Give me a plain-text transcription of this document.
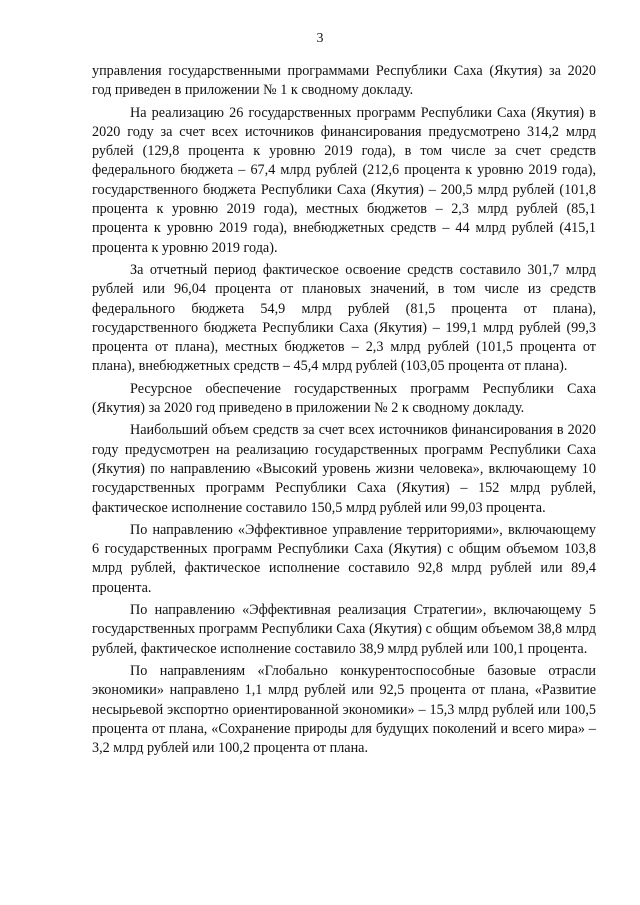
3

управления государственными программами Республики Саха (Якутия) за 2020 год приведен в приложении № 1 к сводному докладу.

На реализацию 26 государственных программ Республики Саха (Якутия) в 2020 году за счет всех источников финансирования предусмотрено 314,2 млрд рублей (129,8 процента к уровню 2019 года), в том числе за счет средств федерального бюджета – 67,4 млрд рублей (212,6 процента к уровню 2019 года), государственного бюджета Республики Саха (Якутия) – 200,5 млрд рублей (101,8 процента к уровню 2019 года), местных бюджетов – 2,3 млрд рублей (85,1 процента к уровню 2019 года), внебюджетных средств – 44 млрд рублей (415,1 процента к уровню 2019 года).

За отчетный период фактическое освоение средств составило 301,7 млрд рублей или 96,04 процента от плановых значений, в том числе из средств федерального бюджета 54,9 млрд рублей (81,5 процента от плана), государственного бюджета Республики Саха (Якутия) – 199,1 млрд рублей (99,3 процента от плана), местных бюджетов – 2,3 млрд рублей (101,5 процента от плана), внебюджетных средств – 45,4 млрд рублей (103,05 процента от плана).

Ресурсное обеспечение государственных программ Республики Саха (Якутия) за 2020 год приведено в приложении № 2 к сводному докладу.

Наибольший объем средств за счет всех источников финансирования в 2020 году предусмотрен на реализацию государственных программ Республики Саха (Якутия) по направлению «Высокий уровень жизни человека», включающему 10 государственных программ Республики Саха (Якутия) – 152 млрд рублей, фактическое исполнение составило 150,5 млрд рублей или 99,03 процента.

По направлению «Эффективное управление территориями», включающему 6 государственных программ Республики Саха (Якутия) с общим объемом 103,8 млрд рублей, фактическое исполнение составило 92,8 млрд рублей или 89,4 процента.

По направлению «Эффективная реализация Стратегии», включающему 5 государственных программ Республики Саха (Якутия) с общим объемом 38,8 млрд рублей, фактическое исполнение составило 38,9 млрд рублей или 100,1 процента.

По направлениям «Глобально конкурентоспособные базовые отрасли экономики» направлено 1,1 млрд рублей или 92,5 процента от плана, «Развитие несырьевой экспортно ориентированной экономики» – 15,3 млрд рублей или 100,5 процента от плана, «Сохранение природы для будущих поколений и всего мира» – 3,2 млрд рублей или 100,2 процента от плана.
